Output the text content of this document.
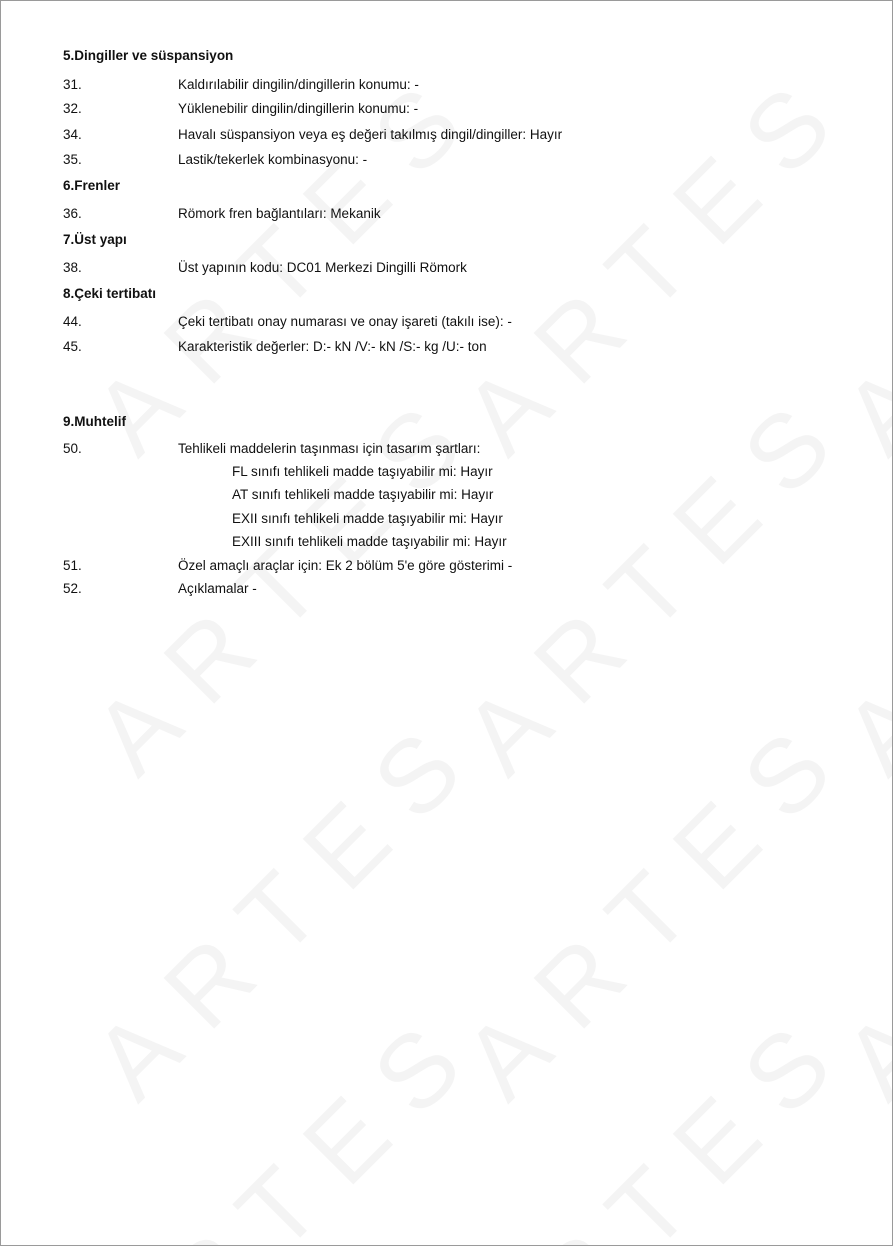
5.Dingiller ve süspansiyon
31.	Kaldırılabilir dingilin/dingillerin konumu: -
32.	Yüklenebilir dingilin/dingillerin konumu: -
34.	Havalı süspansiyon veya eş değeri takılmış dingil/dingiller: Hayır
35.	Lastik/tekerlek kombinasyonu: -
6.Frenler
36.	Römork fren bağlantıları: Mekanik
7.Üst yapı
38.	Üst yapının kodu: DC01 Merkezi Dingilli Römork
8.Çeki tertibatı
44.	Çeki tertibatı onay numarası ve onay işareti (takılı ise): -
45.	Karakteristik değerler: D:- kN /V:- kN /S:- kg /U:- ton
9.Muhtelif
50.	Tehlikeli maddelerin taşınması için tasarım şartları:
FL sınıfı tehlikeli madde taşıyabilir mi: Hayır
AT sınıfı tehlikeli madde taşıyabilir mi: Hayır
EXII sınıfı tehlikeli madde taşıyabilir mi: Hayır
EXIII sınıfı tehlikeli madde taşıyabilir mi: Hayır
51.	Özel amaçlı araçlar için: Ek 2 bölüm 5'e göre gösterimi -
52.	Açıklamalar -
